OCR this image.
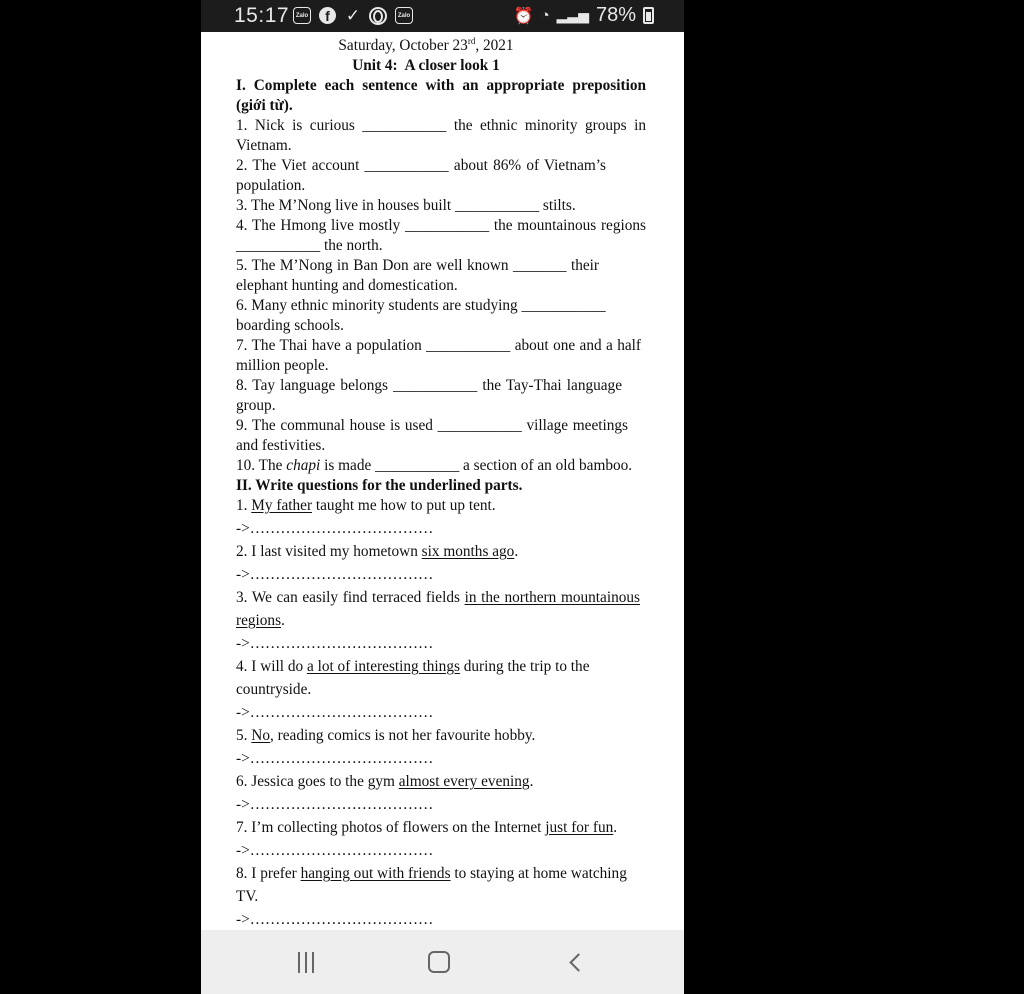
15:17	Zalo	f ✓	Zalo	⏰ ◔ ▂▃▅ 78%
Saturday, October 23rd, 2021
Unit 4: A closer look 1
I. Complete each sentence with an appropriate preposition
(giới từ).
1. Nick is curious ___________ the ethnic minority groups in
Vietnam.
2. The Viet account ___________ about 86% of Vietnam’s
population.
3. The M’Nong live in houses built ___________ stilts.
4. The Hmong live mostly ___________ the mountainous regions
___________ the north.
5. The M’Nong in Ban Don are well known _______ their
elephant hunting and domestication.
6. Many ethnic minority students are studying ___________
boarding schools.
7. The Thai have a population ___________ about one and a half
million people.
8. Tay language belongs ___________ the Tay-Thai language
group.
9. The communal house is used ___________ village meetings
and festivities.
10. The chapi is made ___________ a section of an old bamboo.
II. Write questions for the underlined parts.
1. My father taught me how to put up tent.
->………………………………
2. I last visited my hometown six months ago.
->………………………………
3. We can easily find terraced fields in the northern mountainous
regions.
->………………………………
4. I will do a lot of interesting things during the trip to the
countryside.
->………………………………
5. No, reading comics is not her favourite hobby.
->………………………………
6. Jessica goes to the gym almost every evening.
->………………………………
7. I’m collecting photos of flowers on the Internet just for fun.
->………………………………
8. I prefer hanging out with friends to staying at home watching
TV.
->………………………………
